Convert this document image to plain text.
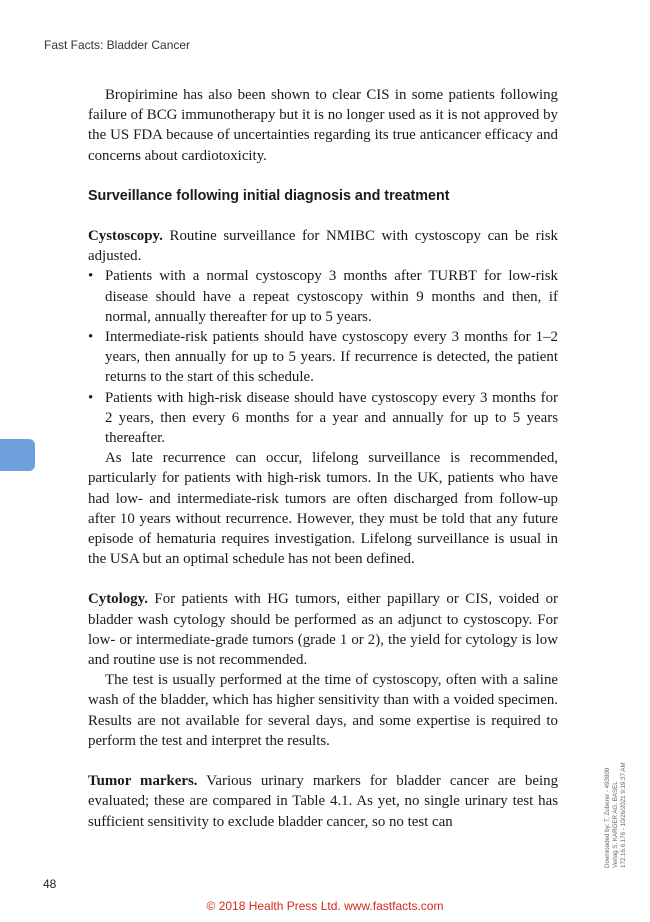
Fast Facts: Bladder Cancer

Bropirimine has also been shown to clear CIS in some patients following failure of BCG immunotherapy but it is no longer used as it is not approved by the US FDA because of uncertainties regarding its true anticancer efficacy and concerns about cardiotoxicity.

Surveillance following initial diagnosis and treatment

Cystoscopy. Routine surveillance for NMIBC with cystoscopy can be risk adjusted.

• Patients with a normal cystoscopy 3 months after TURBT for low-risk disease should have a repeat cystoscopy within 9 months and then, if normal, annually thereafter for up to 5 years.
• Intermediate-risk patients should have cystoscopy every 3 months for 1–2 years, then annually for up to 5 years. If recurrence is detected, the patient returns to the start of this schedule.
• Patients with high-risk disease should have cystoscopy every 3 months for 2 years, then every 6 months for a year and annually for up to 5 years thereafter.

As late recurrence can occur, lifelong surveillance is recommended, particularly for patients with high-risk tumors. In the UK, patients who have had low- and intermediate-risk tumors are often discharged from follow-up after 10 years without recurrence. However, they must be told that any future episode of hematuria requires investigation. Lifelong surveillance is usual in the USA but an optimal schedule has not been defined.

Cytology. For patients with HG tumors, either papillary or CIS, voided or bladder wash cytology should be performed as an adjunct to cystoscopy. For low- or intermediate-grade tumors (grade 1 or 2), the yield for cytology is low and routine use is not recommended.

The test is usually performed at the time of cystoscopy, often with a saline wash of the bladder, which has higher sensitivity than with a voided specimen. Results are not available for several days, and some expertise is required to perform the test and interpret the results.

Tumor markers. Various urinary markers for bladder cancer are being evaluated; these are compared in Table 4.1. As yet, no single urinary test has sufficient sensitivity to exclude bladder cancer, so no test can	Downloaded by: T. Zuberer - 493809 Verlag S. KARGER AG, BASEL 172.16.6.176 - 10/26/2021 9:19:37 AM
48
© 2018 Health Press Ltd. www.fastfacts.com
